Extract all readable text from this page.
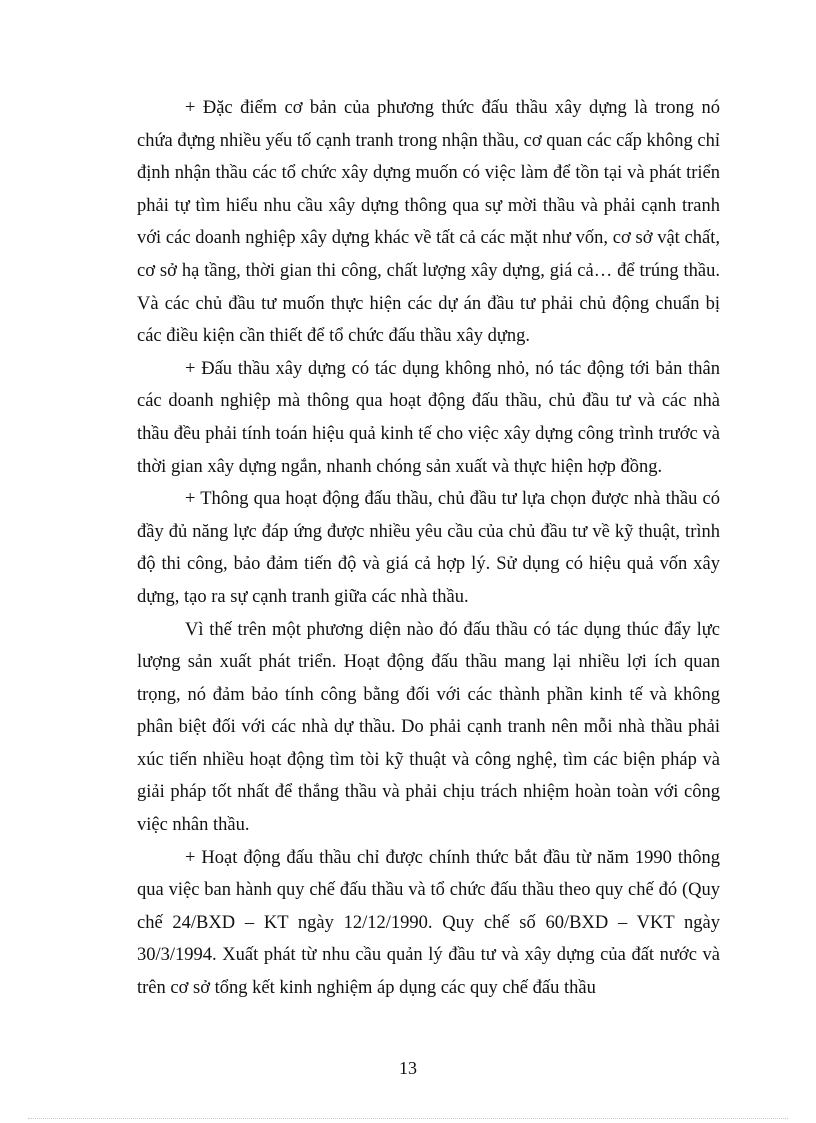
+ Đặc điểm cơ bản của phương thức đấu thầu xây dựng là trong nó chứa đựng nhiều yếu tố cạnh tranh trong nhận thầu, cơ quan các cấp không chỉ định nhận thầu các tổ chức xây dựng muốn có việc làm để tồn tại và phát triển phải tự tìm hiểu nhu cầu xây dựng thông qua sự mời thầu và phải cạnh tranh với các doanh nghiệp xây dựng khác về tất cả các mặt như vốn, cơ sở vật chất, cơ sở hạ tầng, thời gian thi công, chất lượng xây dựng, giá cả… để trúng thầu. Và các chủ đầu tư muốn thực hiện các dự án đầu tư phải chủ động chuẩn bị các điều kiện cần thiết để tổ chức đấu thầu xây dựng.

+ Đấu thầu xây dựng có tác dụng không nhỏ, nó tác động tới bản thân các doanh nghiệp mà thông qua hoạt động đấu thầu, chủ đầu tư và các nhà thầu đều phải tính toán hiệu quả kinh tế cho việc xây dựng công trình trước và thời gian xây dựng ngắn, nhanh chóng sản xuất và thực hiện hợp đồng.

+ Thông qua hoạt động đấu thầu, chủ đầu tư lựa chọn được nhà thầu có đầy đủ năng lực đáp ứng được nhiều yêu cầu của chủ đầu tư về kỹ thuật, trình độ thi công, bảo đảm tiến độ và giá cả hợp lý. Sử dụng có hiệu quả vốn xây dựng, tạo ra sự cạnh tranh giữa các nhà thầu.

Vì thế trên một phương diện nào đó đấu thầu có tác dụng thúc đẩy lực lượng sản xuất phát triển. Hoạt động đấu thầu mang lại nhiều lợi ích quan trọng, nó đảm bảo tính công bằng đối với các thành phần kinh tế và không phân biệt đối với các nhà dự thầu. Do phải cạnh tranh nên mỗi nhà thầu phải xúc tiến nhiều hoạt động tìm tòi kỹ thuật và công nghệ, tìm các biện pháp và giải pháp tốt nhất để thắng thầu và phải chịu trách nhiệm hoàn toàn với công việc nhân thầu.

+ Hoạt động đấu thầu chỉ được chính thức bắt đầu từ năm 1990 thông qua việc ban hành quy chế đấu thầu và tổ chức đấu thầu theo quy chế đó (Quy chế 24/BXD – KT ngày 12/12/1990. Quy chế số 60/BXD – VKT ngày 30/3/1994. Xuất phát từ nhu cầu quản lý đầu tư và xây dựng của đất nước và trên cơ sở tổng kết kinh nghiệm áp dụng các quy chế đấu thầu

13
